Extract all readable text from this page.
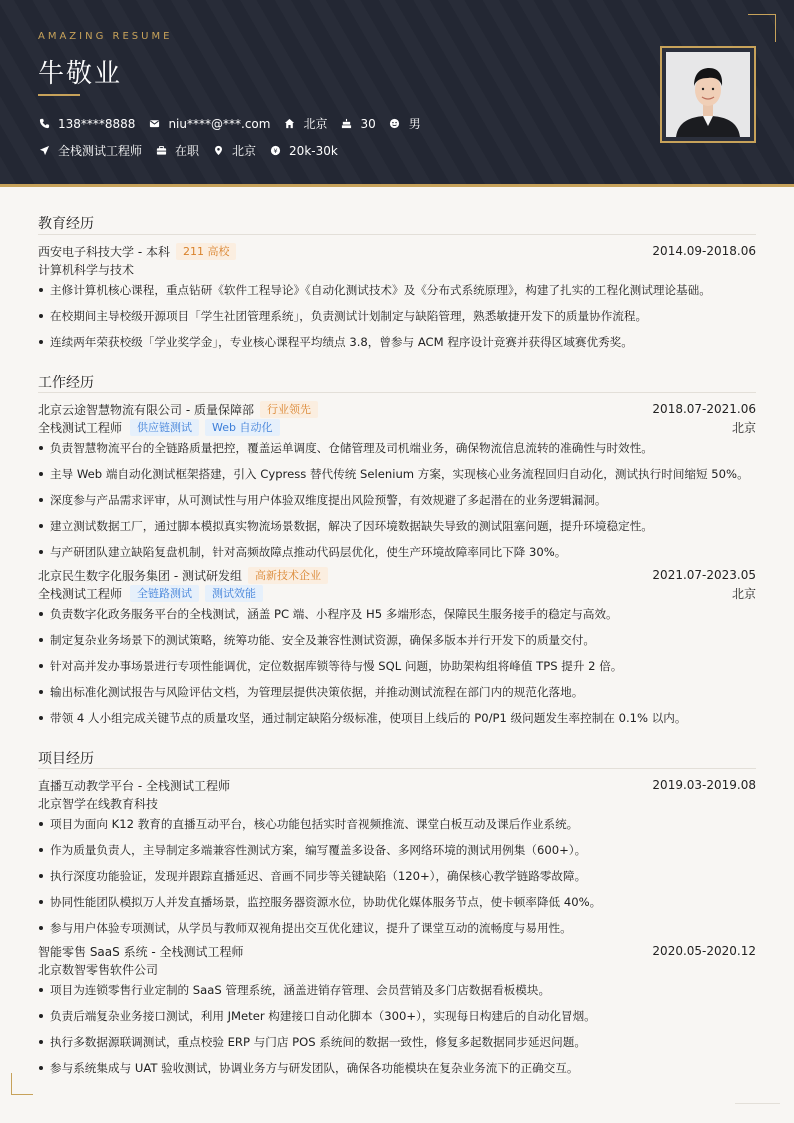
AMAZING RESUME
牛敬业
138****8888	niu****@***.com	北京	30	男
全栈测试工程师	在职	北京 ¥ 20k-30k
教育经历
西安电子科技大学 - 本科	211 高校	2014.09-2018.06
计算机科学与技术
主修计算机核心课程，重点钻研《软件工程导论》《自动化测试技术》及《分布式系统原理》，构建了扎实的工程化测试理论基础。
在校期间主导校级开源项目「学生社团管理系统」，负责测试计划制定与缺陷管理，熟悉敏捷开发下的质量协作流程。
连续两年荣获校级「学业奖学金」，专业核心课程平均绩点 3.8，曾参与 ACM 程序设计竞赛并获得区域赛优秀奖。
工作经历
北京云途智慧物流有限公司 - 质量保障部	行业领先	2018.07-2021.06
全栈测试工程师	供应链测试	Web 自动化	北京
负责智慧物流平台的全链路质量把控，覆盖运单调度、仓储管理及司机端业务，确保物流信息流转的准确性与时效性。
主导 Web 端自动化测试框架搭建，引入 Cypress 替代传统 Selenium 方案，实现核心业务流程回归自动化，测试执行时间缩短 50%。
深度参与产品需求评审，从可测试性与用户体验双维度提出风险预警，有效规避了多起潜在的业务逻辑漏洞。
建立测试数据工厂，通过脚本模拟真实物流场景数据，解决了因环境数据缺失导致的测试阻塞问题，提升环境稳定性。
与产研团队建立缺陷复盘机制，针对高频故障点推动代码层优化，使生产环境故障率同比下降 30%。
北京民生数字化服务集团 - 测试研发组	高新技术企业	2021.07-2023.05
全栈测试工程师	全链路测试	测试效能	北京
负责数字化政务服务平台的全栈测试，涵盖 PC 端、小程序及 H5 多端形态，保障民生服务接手的稳定与高效。
制定复杂业务场景下的测试策略，统筹功能、安全及兼容性测试资源，确保多版本并行开发下的质量交付。
针对高并发办事场景进行专项性能调优，定位数据库锁等待与慢 SQL 问题，协助架构组将峰值 TPS 提升 2 倍。
输出标准化测试报告与风险评估文档，为管理层提供决策依据，并推动测试流程在部门内的规范化落地。
带领 4 人小组完成关键节点的质量攻坚，通过制定缺陷分级标准，使项目上线后的 P0/P1 级问题发生率控制在 0.1% 以内。
项目经历
直播互动教学平台 - 全栈测试工程师	2019.03-2019.08
北京智学在线教育科技
项目为面向 K12 教育的直播互动平台，核心功能包括实时音视频推流、课堂白板互动及课后作业系统。
作为质量负责人，主导制定多端兼容性测试方案，编写覆盖多设备、多网络环境的测试用例集（600+）。
执行深度功能验证，发现并跟踪直播延迟、音画不同步等关键缺陷（120+），确保核心教学链路零故障。
协同性能团队模拟万人并发直播场景，监控服务器资源水位，协助优化媒体服务节点，使卡顿率降低 40%。
参与用户体验专项测试，从学员与教师双视角提出交互优化建议，提升了课堂互动的流畅度与易用性。
智能零售 SaaS 系统 - 全栈测试工程师	2020.05-2020.12
北京数智零售软件公司
项目为连锁零售行业定制的 SaaS 管理系统，涵盖进销存管理、会员营销及多门店数据看板模块。
负责后端复杂业务接口测试，利用 JMeter 构建接口自动化脚本（300+），实现每日构建后的自动化冒烟。
执行多数据源联调测试，重点校验 ERP 与门店 POS 系统间的数据一致性，修复多起数据同步延迟问题。
参与系统集成与 UAT 验收测试，协调业务方与研发团队，确保各功能模块在复杂业务流下的正确交互。
